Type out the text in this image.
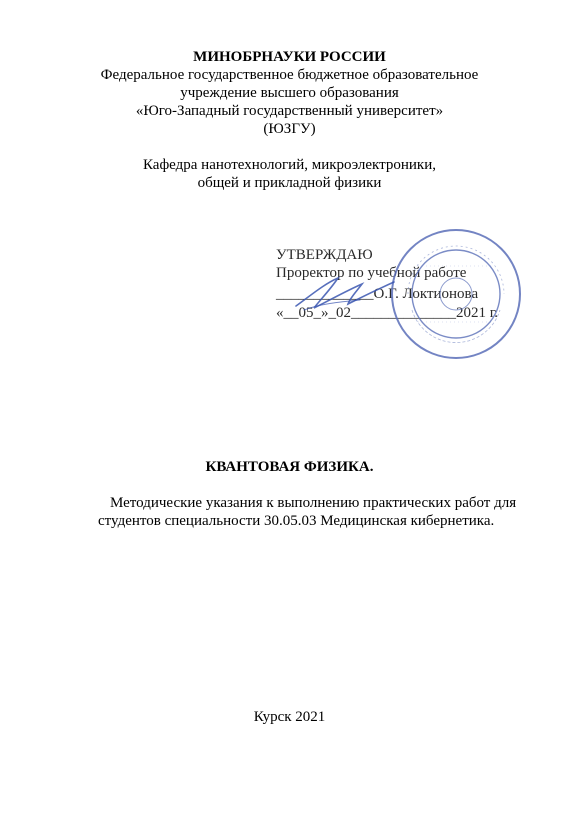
МИНОБРНАУКИ РОССИИ
Федеральное государственное бюджетное образовательное
учреждение высшего образования
«Юго-Западный государственный университет»
(ЮЗГУ)
Кафедра нанотехнологий, микроэлектроники,
общей и прикладной физики
УТВЕРЖДАЮ
Проректор по учебной работе
_____________О.Г. Локтионова
«__05_»_02______________2021 г.
КВАНТОВАЯ ФИЗИКА.
Методические указания к выполнению практических работ для
студентов специальности 30.05.03 Медицинская кибернетика.
Курск 2021
